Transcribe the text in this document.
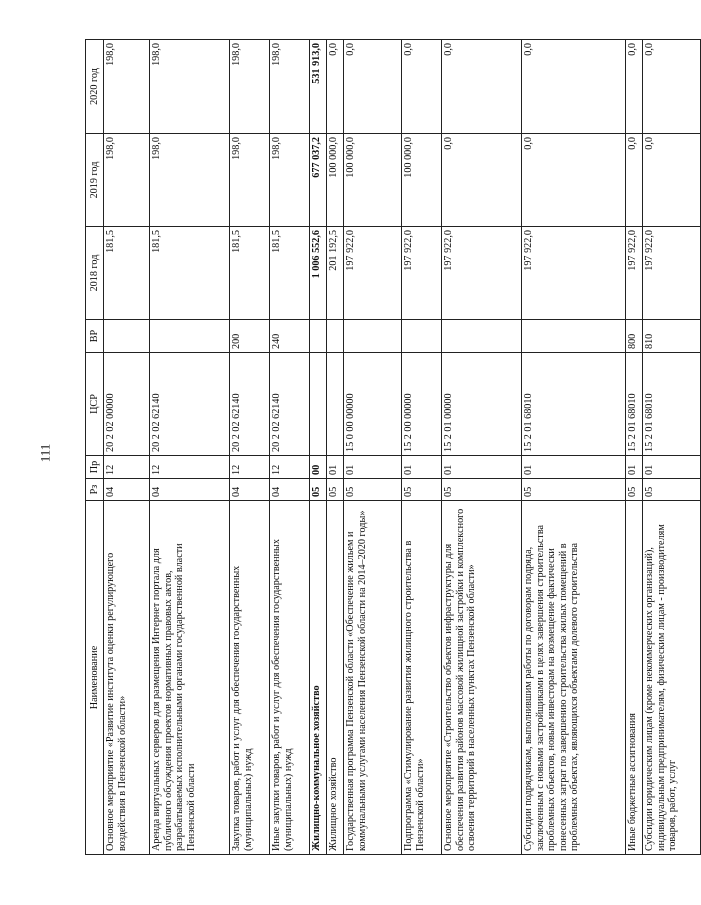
111
Наименование	Рз	Пр	ЦСР	ВР	2018 год	2019 год	2020 год
Основное мероприятие «Развитие института оценки регулирующего воздействия в Пензенской области»	04	12	20 2 02 00000		181,5	198,0	198,0
Аренда виртуальных серверов для размещения Интернет портала для публичного обсуждения проектов нормативных правовых актов, разрабатываемых исполнительными органами государственной власти Пензенской области	04	12	20 2 02 62140		181,5	198,0	198,0
Закупка товаров, работ и услуг для обеспечения государственных (муниципальных) нужд	04	12	20 2 02 62140	200	181,5	198,0	198,0
Иные закупки товаров, работ и услуг для обеспечения государственных (муниципальных) нужд	04	12	20 2 02 62140	240	181,5	198,0	198,0
Жилищно-коммунальное хозяйство	05	00			1 006 552,6	677 037,2	531 913,0
Жилищное хозяйство	05	01			201 192,5	100 000,0	0,0
Государственная программа Пензенской области «Обеспечение жильем и коммунальными услугами населения Пензенской области на 2014–2020 годы»	05	01	15 0 00 00000		197 922,0	100 000,0	0,0
Подпрограмма «Стимулирование развития жилищного строительства в Пензенской области»	05	01	15 2 00 00000		197 922,0	100 000,0	0,0
Основное мероприятие «Строительство объектов инфраструктуры для обеспечения развития районов массовой жилищной застройки и комплексного освоения территорий в населенных пунктах Пензенской области»	05	01	15 2 01 00000		197 922,0	0,0	0,0
Субсидии подрядчикам, выполнившим работы по договорам подряда, заключенным с новыми застройщиками в целях завершения строительства проблемных объектов, новым инвесторам на возмещение фактически понесенных затрат по завершению строительства жилых помещений в проблемных объектах, являющихся объектами долевого строительства	05	01	15 2 01 68010		197 922,0	0,0	0,0
Иные бюджетные ассигнования	05	01	15 2 01 68010	800	197 922,0	0,0	0,0
Субсидии юридическим лицам (кроме некоммерческих организаций), индивидуальным предпринимателям, физическим лицам - производителям товаров, работ, услуг	05	01	15 2 01 68010	810	197 922,0	0,0	0,0
